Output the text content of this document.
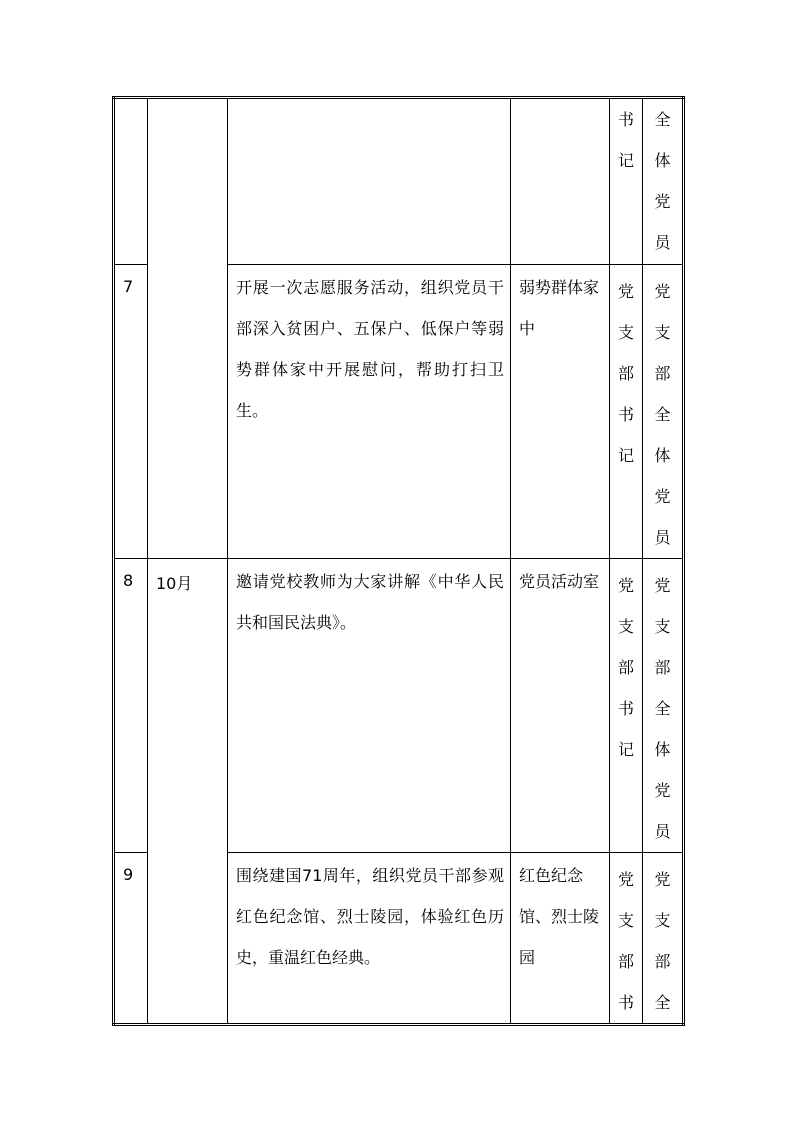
				书记	全体党员

7		开展一次志愿服务活动，组织党员干部深入贫困户、五保户、低保户等弱势群体家中开展慰问，帮助打扫卫生。	弱势群体家中	党支部书记	党支部全体党员

8	10月	邀请党校教师为大家讲解《中华人民共和国民法典》。	党员活动室	党支部书记	党支部全体党员

9		围绕建国71周年，组织党员干部参观红色纪念馆、烈士陵园，体验红色历史，重温红色经典。	红色纪念馆、烈士陵园	党支部书	党支部全
